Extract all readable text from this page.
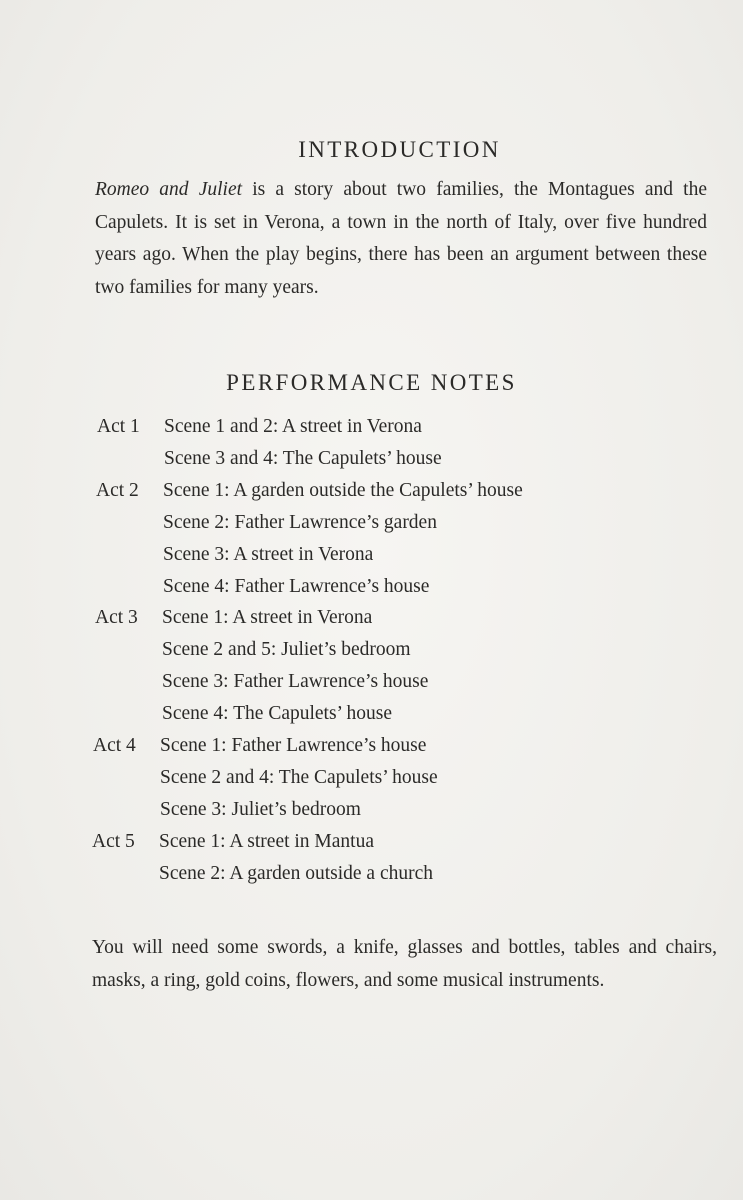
INTRODUCTION

Romeo and Juliet is a story about two families, the Montagues and the Capulets. It is set in Verona, a town in the north of Italy, over five hundred years ago. When the play begins, there has been an argument between these two families for many years.

PERFORMANCE NOTES
Act 1	Scene 1 and 2: A street in Verona
Scene 3 and 4: The Capulets’ house
Act 2	Scene 1: A garden outside the Capulets’ house
Scene 2: Father Lawrence’s garden
Scene 3: A street in Verona
Scene 4: Father Lawrence’s house
Act 3	Scene 1: A street in Verona
Scene 2 and 5: Juliet’s bedroom
Scene 3: Father Lawrence’s house
Scene 4: The Capulets’ house
Act 4	Scene 1: Father Lawrence’s house
Scene 2 and 4: The Capulets’ house
Scene 3: Juliet’s bedroom
Act 5	Scene 1: A street in Mantua
Scene 2: A garden outside a church

You will need some swords, a knife, glasses and bottles, tables and chairs, masks, a ring, gold coins, flowers, and some musical instruments.
